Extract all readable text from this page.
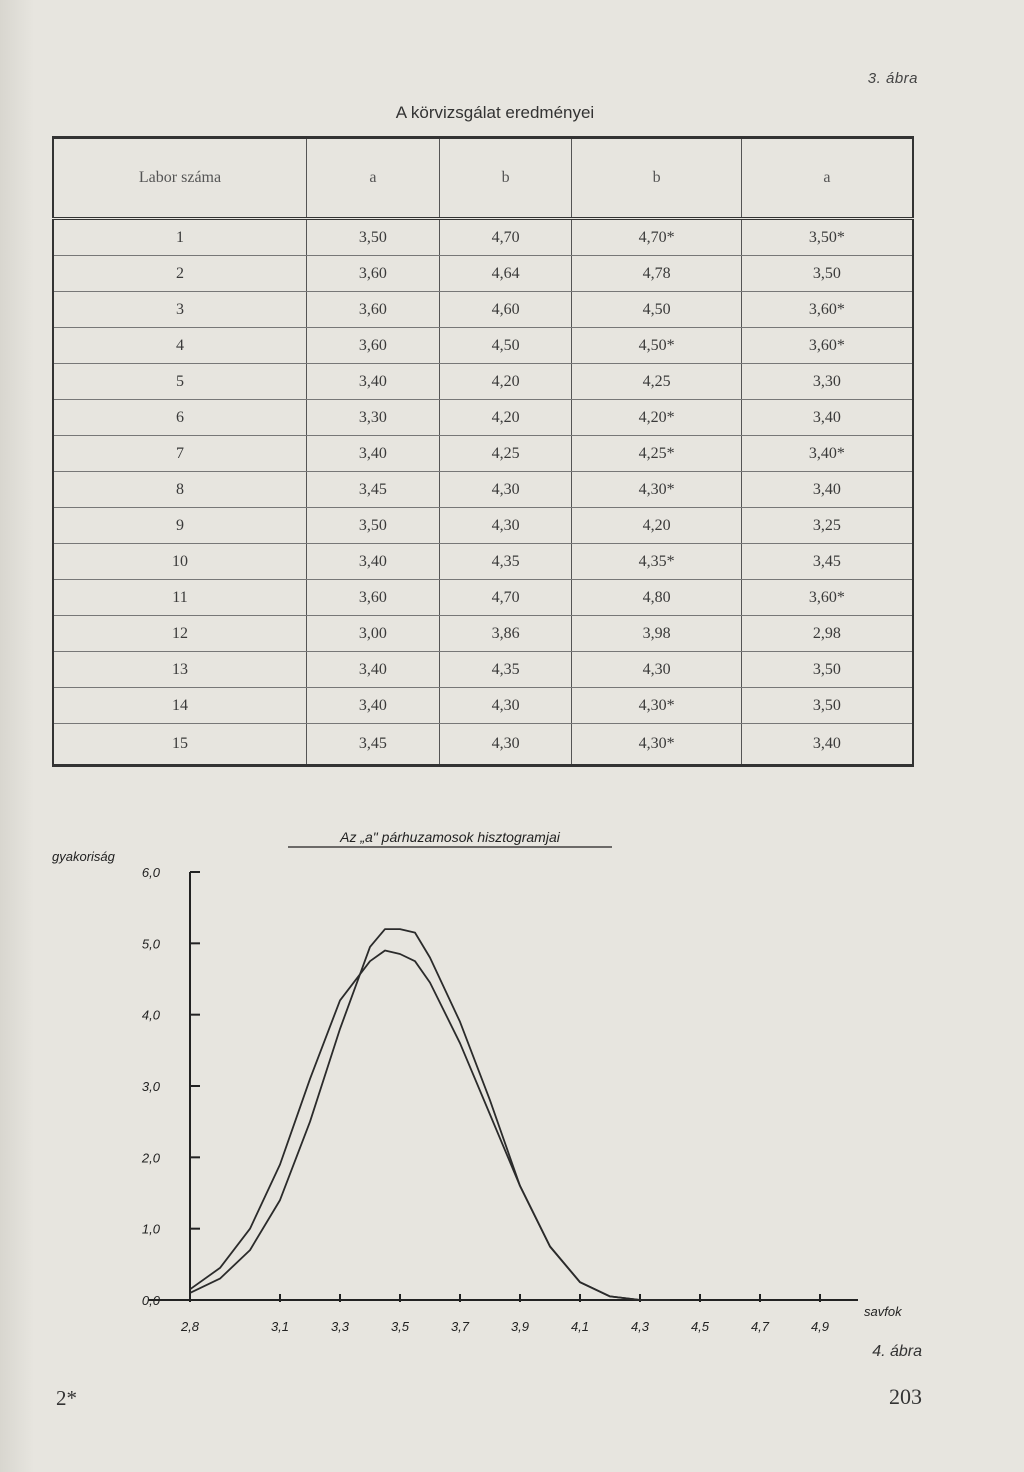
3. ábra
A körvizsgálat eredményei
Labor száma	a	b	b	a
1	3,50	4,70	4,70*	3,50*
2	3,60	4,64	4,78	3,50
3	3,60	4,60	4,50	3,60*
4	3,60	4,50	4,50*	3,60*
5	3,40	4,20	4,25	3,30
6	3,30	4,20	4,20*	3,40
7	3,40	4,25	4,25*	3,40*
8	3,45	4,30	4,30*	3,40
9	3,50	4,30	4,20	3,25
10	3,40	4,35	4,35*	3,45
11	3,60	4,70	4,80	3,60*
12	3,00	3,86	3,98	2,98
13	3,40	4,35	4,30	3,50
14	3,40	4,30	4,30*	3,50
15	3,45	4,30	4,30*	3,40
0,0
1,0
2,0
3,0
4,0
5,0
6,0
2,8	3,1	3,3	3,5	3,7	3,9	4,1	4,3	4,5	4,7	4,9
Az „a" párhuzamosok hisztogramjai
gyakoriság
savfok
4. ábra
2*	203
